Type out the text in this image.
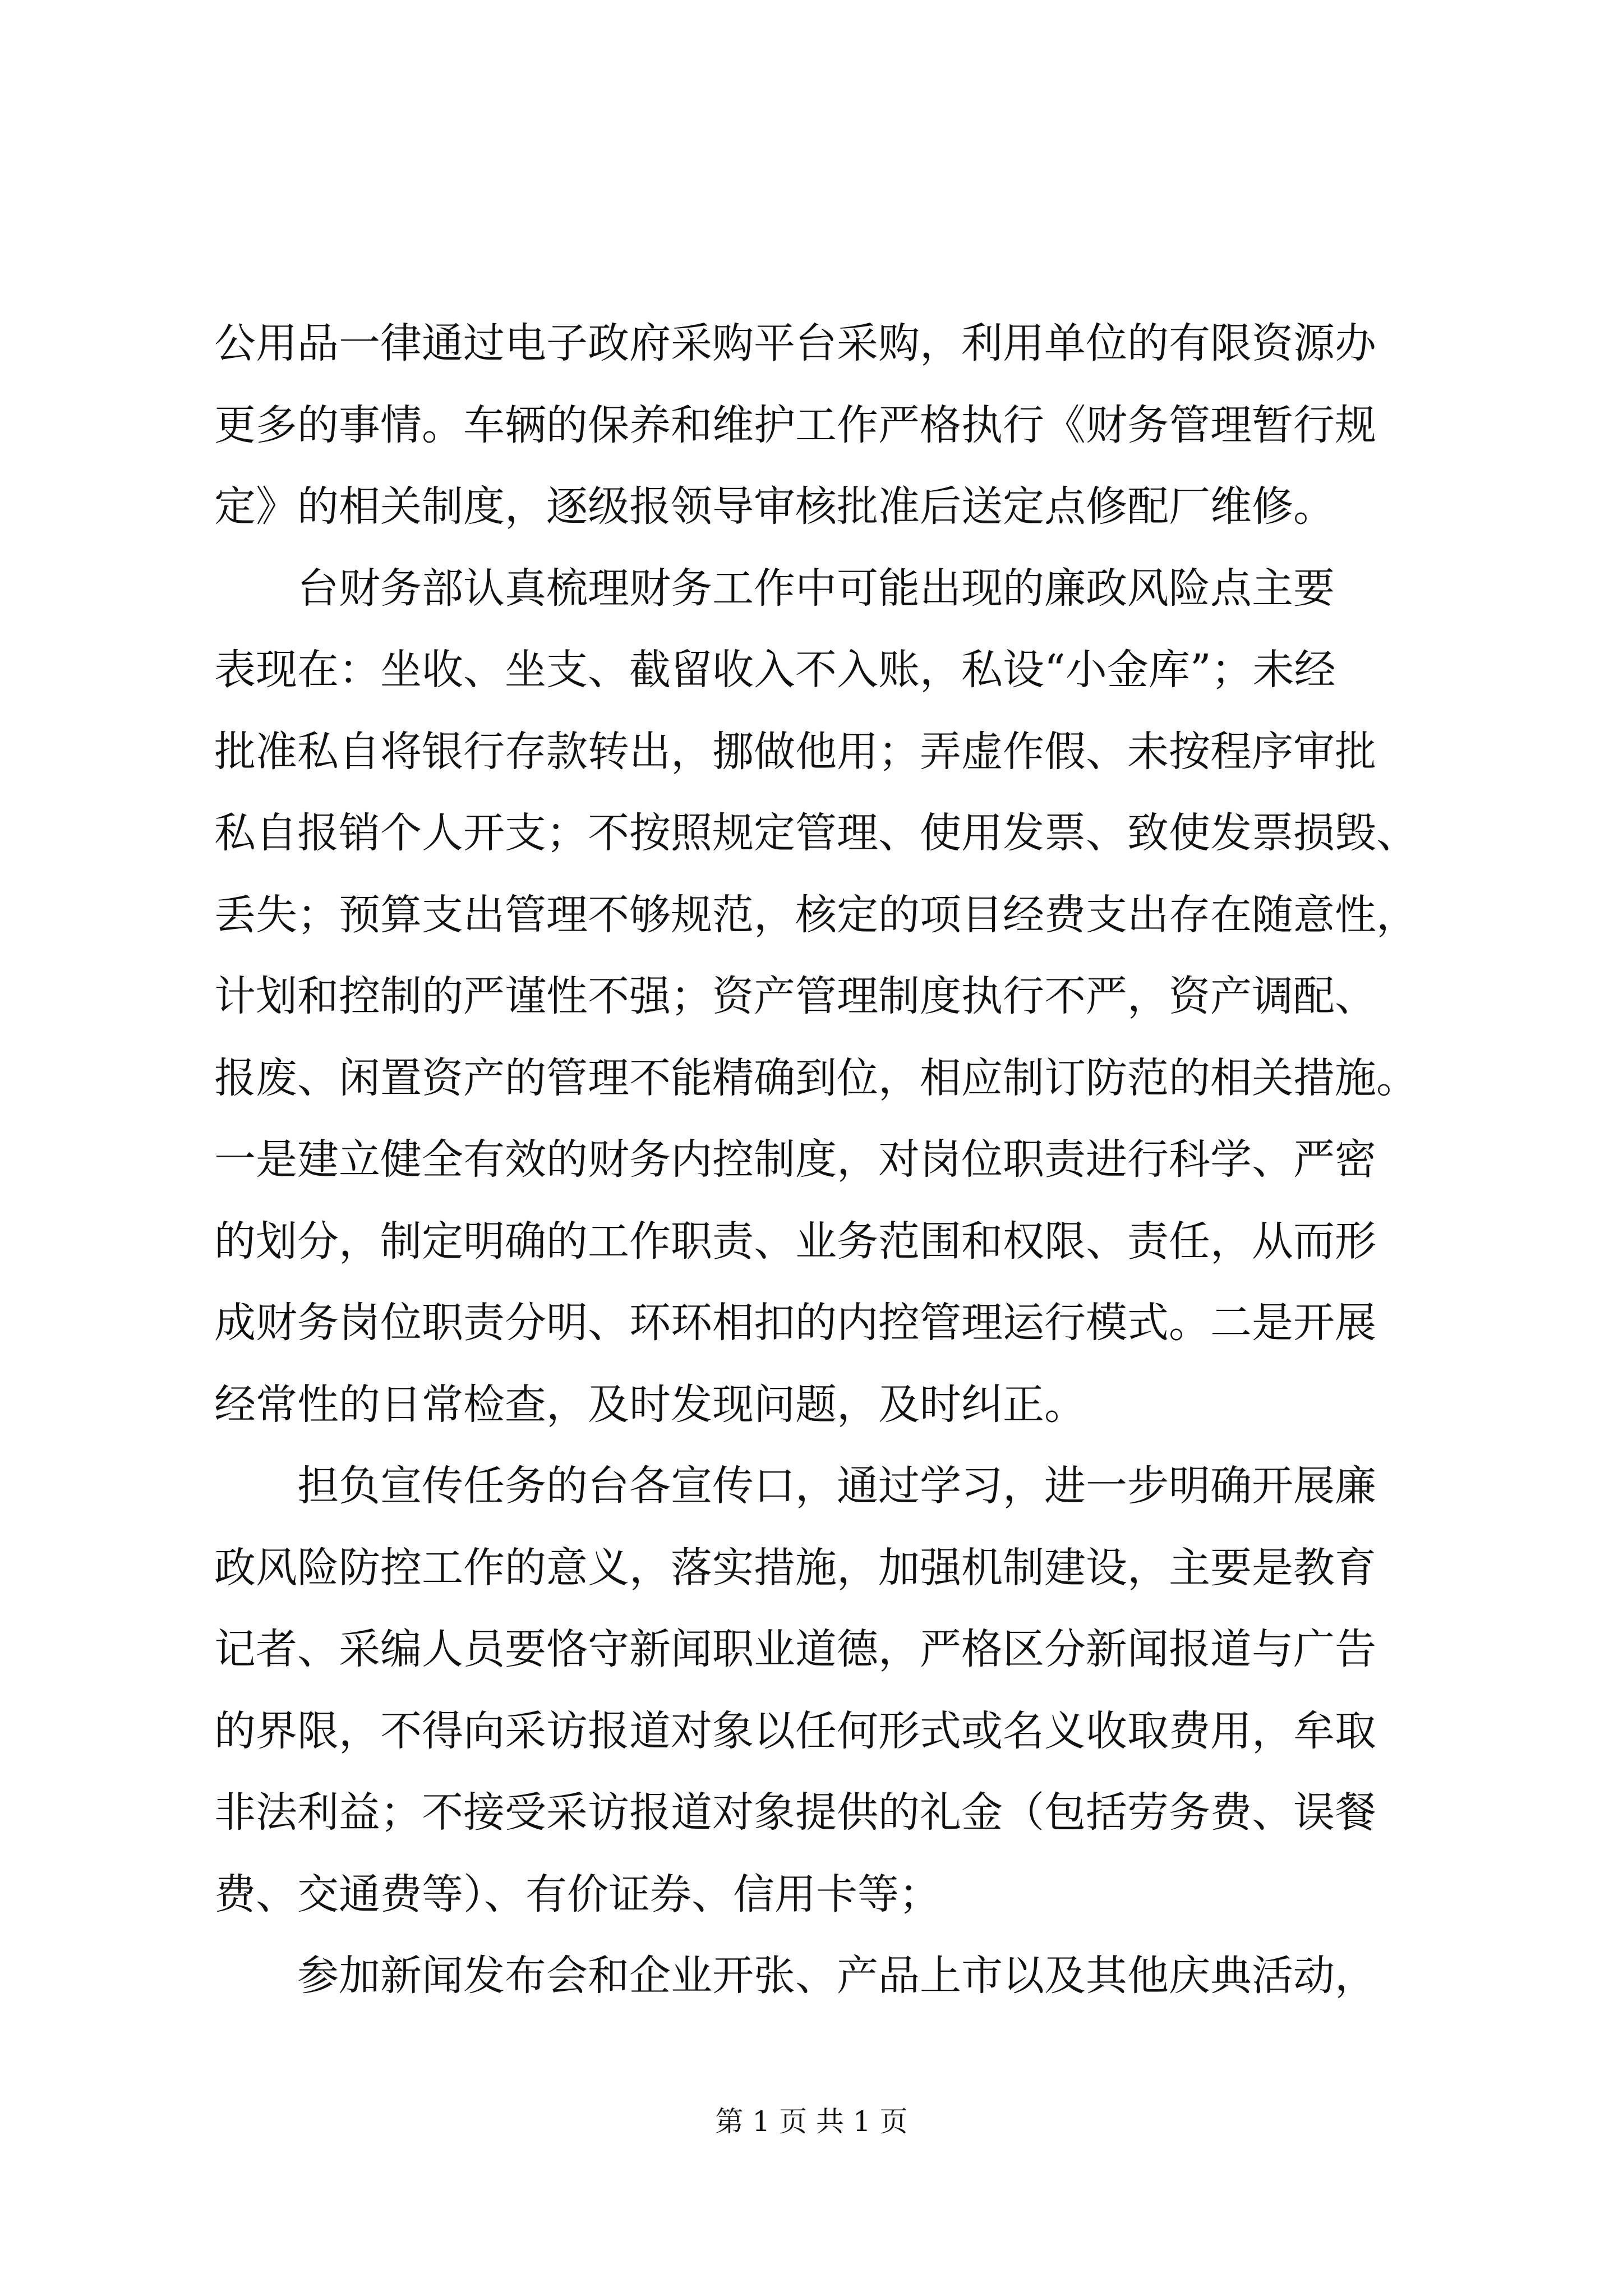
公用品一律通过电子政府采购平台采购，利用单位的有限资源办
更多的事情。车辆的保养和维护工作严格执行《财务管理暂行规
定》的相关制度，逐级报领导审核批准后送定点修配厂维修。
　　台财务部认真梳理财务工作中可能出现的廉政风险点主要
表现在：坐收、坐支、截留收入不入账，私设“小金库”；未经
批准私自将银行存款转出，挪做他用；弄虚作假、未按程序审批
私自报销个人开支；不按照规定管理、使用发票、致使发票损毁、
丢失；预算支出管理不够规范，核定的项目经费支出存在随意性，
计划和控制的严谨性不强；资产管理制度执行不严，资产调配、
报废、闲置资产的管理不能精确到位，相应制订防范的相关措施。
一是建立健全有效的财务内控制度，对岗位职责进行科学、严密
的划分，制定明确的工作职责、业务范围和权限、责任，从而形
成财务岗位职责分明、环环相扣的内控管理运行模式。二是开展
经常性的日常检查，及时发现问题，及时纠正。
　　担负宣传任务的台各宣传口，通过学习，进一步明确开展廉
政风险防控工作的意义，落实措施，加强机制建设，主要是教育
记者、采编人员要恪守新闻职业道德，严格区分新闻报道与广告
的界限，不得向采访报道对象以任何形式或名义收取费用，牟取
非法利益；不接受采访报道对象提供的礼金（包括劳务费、误餐
费、交通费等）、有价证券、信用卡等；
　　参加新闻发布会和企业开张、产品上市以及其他庆典活动，
第 1 页 共 1 页
